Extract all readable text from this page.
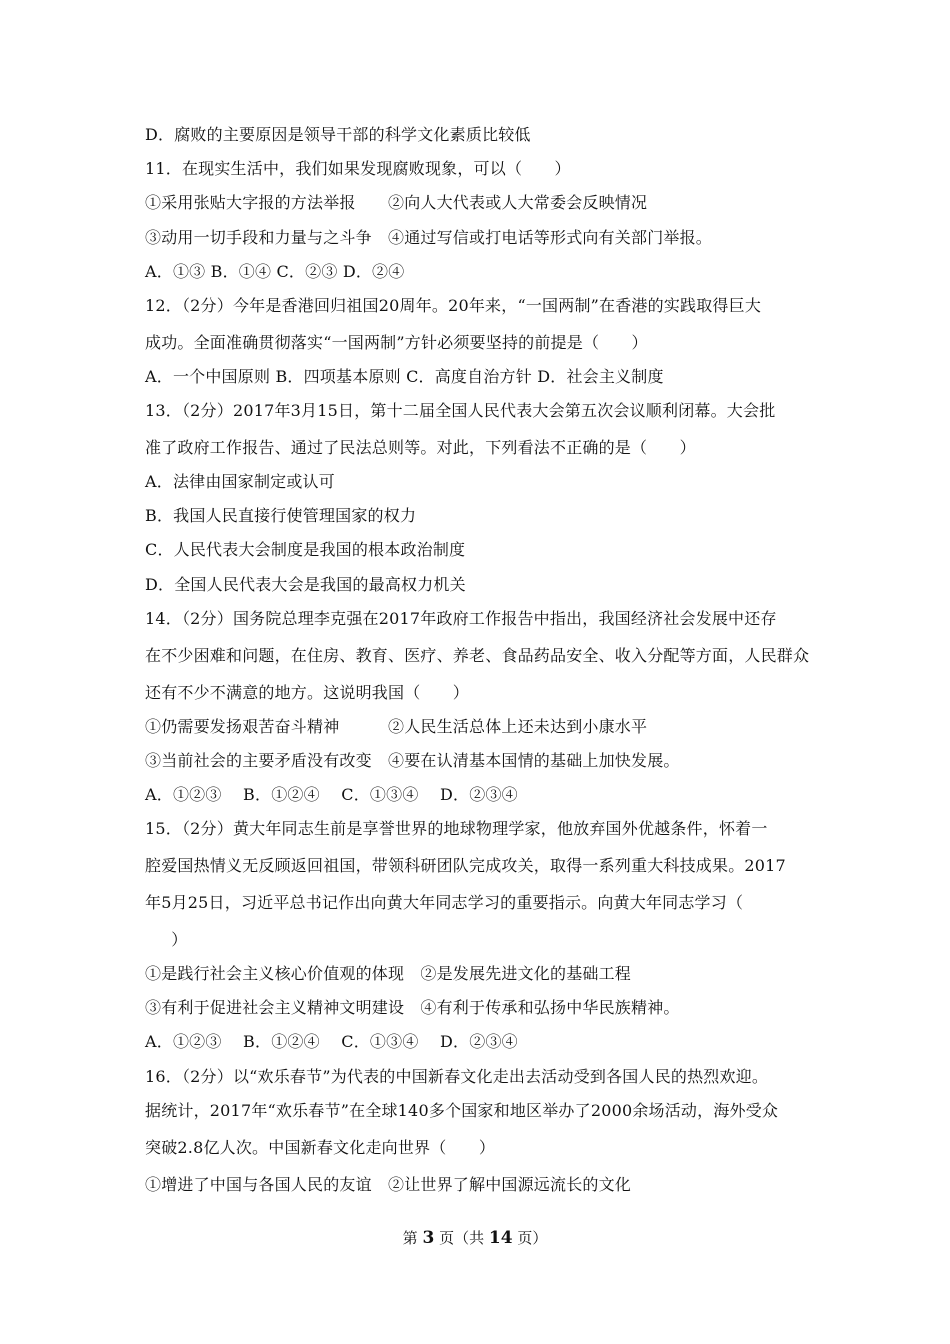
D．腐败的主要原因是领导干部的科学文化素质比较低
11．在现实生活中，我们如果发现腐败现象，可以（　　）
①采用张贴大字报的方法举报　　②向人大代表或人大常委会反映情况
③动用一切手段和力量与之斗争　④通过写信或打电话等形式向有关部门举报。
A．①③ B．①④ C．②③ D．②④
12．（2分）今年是香港回归祖国20周年。20年来，“一国两制”在香港的实践取得巨大
成功。全面准确贯彻落实“一国两制”方针必须要坚持的前提是（　　）
A．一个中国原则 B．四项基本原则 C．高度自治方针 D．社会主义制度
13．（2分）2017年3月15日，第十二届全国人民代表大会第五次会议顺利闭幕。大会批
准了政府工作报告、通过了民法总则等。对此，下列看法不正确的是（　　）
A．法律由国家制定或认可
B．我国人民直接行使管理国家的权力
C．人民代表大会制度是我国的根本政治制度
D．全国人民代表大会是我国的最高权力机关
14．（2分）国务院总理李克强在2017年政府工作报告中指出，我国经济社会发展中还存
在不少困难和问题，在住房、教育、医疗、养老、食品药品安全、收入分配等方面，人民群众
还有不少不满意的地方。这说明我国（　　）
①仍需要发扬艰苦奋斗精神　　　②人民生活总体上还未达到小康水平
③当前社会的主要矛盾没有改变　④要在认清基本国情的基础上加快发展。
A．①②③　 B．①②④　 C．①③④　 D．②③④
15．（2分）黄大年同志生前是享誉世界的地球物理学家，他放弃国外优越条件，怀着一
腔爱国热情义无反顾返回祖国，带领科研团队完成攻关，取得一系列重大科技成果。2017
年5月25日，习近平总书记作出向黄大年同志学习的重要指示。向黄大年同志学习（
　）
①是践行社会主义核心价值观的体现　②是发展先进文化的基础工程
③有利于促进社会主义精神文明建设　④有利于传承和弘扬中华民族精神。
A．①②③　 B．①②④　 C．①③④　 D．②③④
16．（2分）以“欢乐春节”为代表的中国新春文化走出去活动受到各国人民的热烈欢迎。
据统计，2017年“欢乐春节”在全球140多个国家和地区举办了2000余场活动，海外受众
突破2.8亿人次。中国新春文化走向世界（　　）
①增进了中国与各国人民的友谊　②让世界了解中国源远流长的文化
第 3 页（共 14 页）
